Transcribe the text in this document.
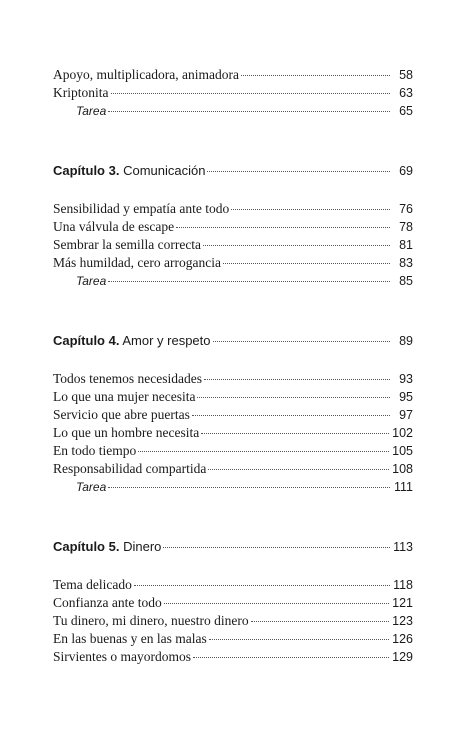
Apoyo, multiplicadora, animadora	58
Kriptonita	63
Tarea	65
Capítulo 3. Comunicación	69
Sensibilidad y empatía ante todo	76
Una válvula de escape	78
Sembrar la semilla correcta	81
Más humildad, cero arrogancia	83
Tarea	85
Capítulo 4. Amor y respeto	89
Todos tenemos necesidades	93
Lo que una mujer necesita	95
Servicio que abre puertas	97
Lo que un hombre necesita	102
En todo tiempo	105
Responsabilidad compartida	108
Tarea	111
Capítulo 5. Dinero	113
Tema delicado	118
Confianza ante todo	121
Tu dinero, mi dinero, nuestro dinero	123
En las buenas y en las malas	126
Sirvientes o mayordomos	129
